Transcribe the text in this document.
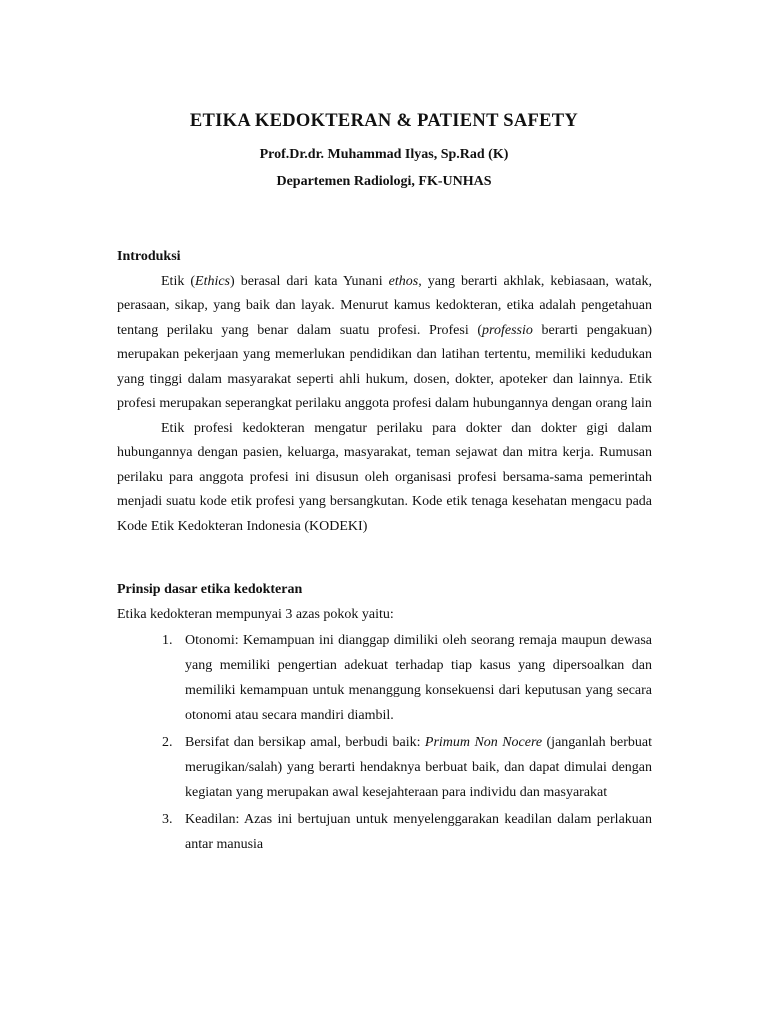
ETIKA KEDOKTERAN & PATIENT SAFETY
Prof.Dr.dr. Muhammad Ilyas, Sp.Rad (K)
Departemen Radiologi, FK-UNHAS
Introduksi

Etik (Ethics) berasal dari kata Yunani ethos, yang berarti akhlak, kebiasaan, watak, perasaan, sikap, yang baik dan layak. Menurut kamus kedokteran, etika adalah pengetahuan tentang perilaku yang benar dalam suatu profesi. Profesi (professio berarti pengakuan) merupakan pekerjaan yang memerlukan pendidikan dan latihan tertentu, memiliki kedudukan yang tinggi dalam masyarakat seperti ahli hukum, dosen, dokter, apoteker dan lainnya. Etik profesi merupakan seperangkat perilaku anggota profesi dalam hubungannya dengan orang lain

Etik profesi kedokteran mengatur perilaku para dokter dan dokter gigi dalam hubungannya dengan pasien, keluarga, masyarakat, teman sejawat dan mitra kerja. Rumusan perilaku para anggota profesi ini disusun oleh organisasi profesi bersama-sama pemerintah menjadi suatu kode etik profesi yang bersangkutan. Kode etik tenaga kesehatan mengacu pada Kode Etik Kedokteran Indonesia (KODEKI)

Prinsip dasar etika kedokteran

Etika kedokteran mempunyai 3 azas pokok yaitu:

1. Otonomi: Kemampuan ini dianggap dimiliki oleh seorang remaja maupun dewasa yang memiliki pengertian adekuat terhadap tiap kasus yang dipersoalkan dan memiliki kemampuan untuk menanggung konsekuensi dari keputusan yang secara otonomi atau secara mandiri diambil.
2. Bersifat dan bersikap amal, berbudi baik: Primum Non Nocere (janganlah berbuat merugikan/salah) yang berarti hendaknya berbuat baik, dan dapat dimulai dengan kegiatan yang merupakan awal kesejahteraan para individu dan masyarakat
3. Keadilan: Azas ini bertujuan untuk menyelenggarakan keadilan dalam perlakuan antar manusia
